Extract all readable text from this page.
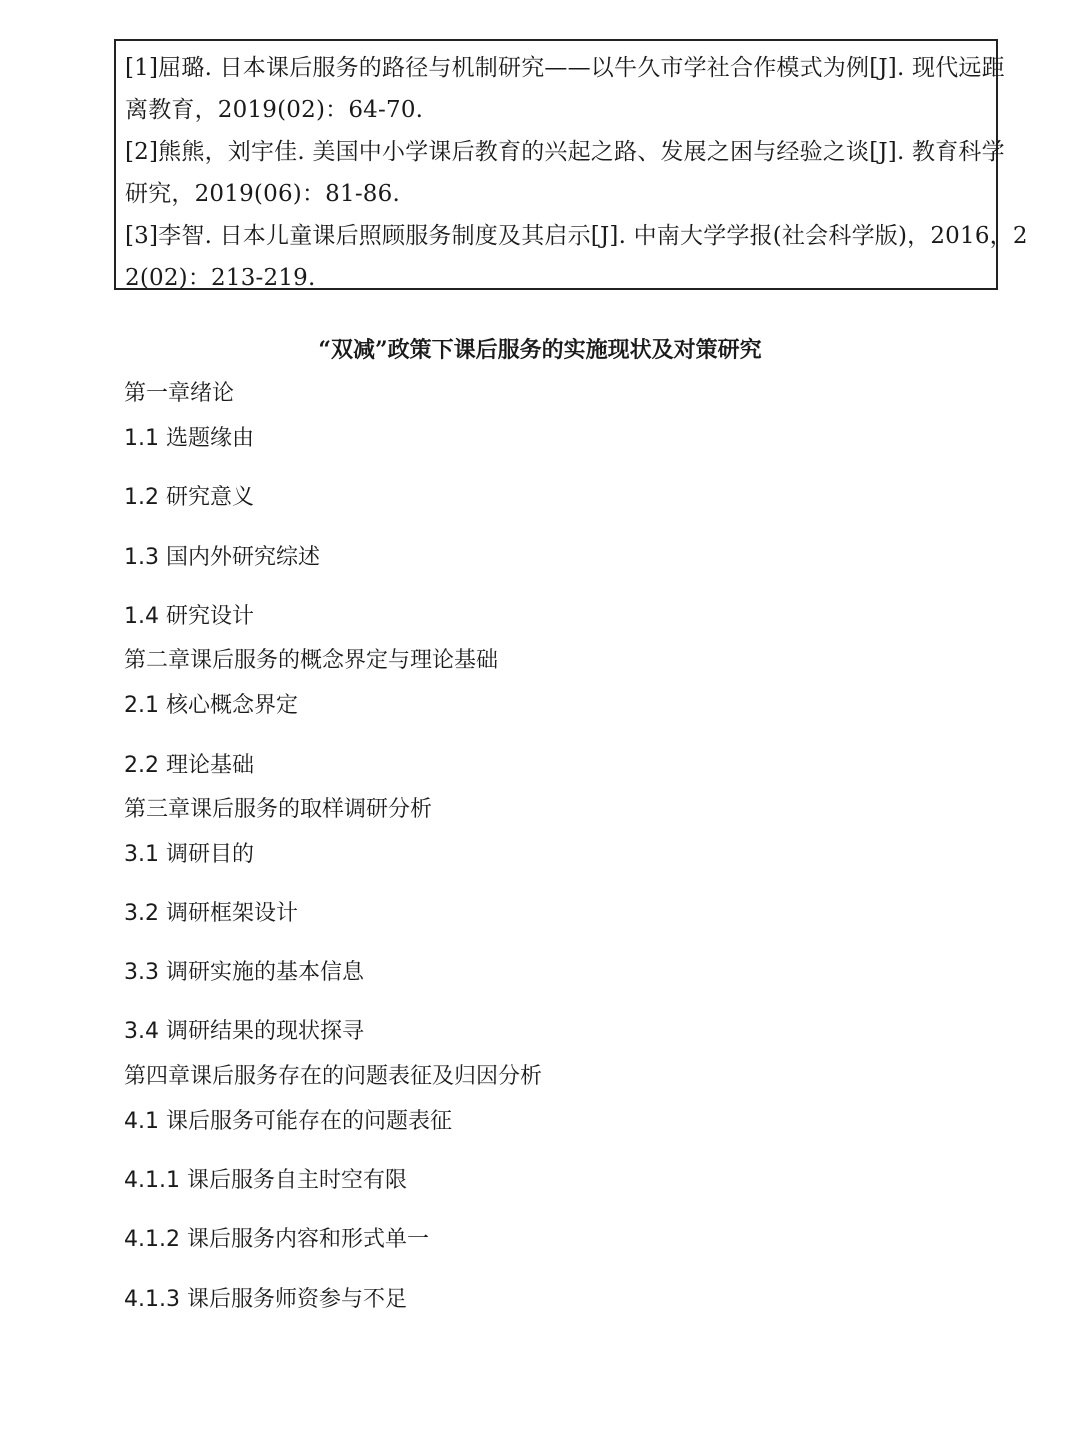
[1]屈璐. 日本课后服务的路径与机制研究——以牛久市学社合作模式为例[J]. 现代远距
离教育，2019(02)：64-70.
[2]熊熊，刘宇佳. 美国中小学课后教育的兴起之路、发展之困与经验之谈[J]. 教育科学
研究，2019(06)：81-86.
[3]李智. 日本儿童课后照顾服务制度及其启示[J]. 中南大学学报(社会科学版)，2016，2
2(02)：213-219.
“双减”政策下课后服务的实施现状及对策研究
第一章绪论
1.1 选题缘由
1.2 研究意义
1.3 国内外研究综述
1.4 研究设计
第二章课后服务的概念界定与理论基础
2.1 核心概念界定
2.2 理论基础
第三章课后服务的取样调研分析
3.1 调研目的
3.2 调研框架设计
3.3 调研实施的基本信息
3.4 调研结果的现状探寻
第四章课后服务存在的问题表征及归因分析
4.1 课后服务可能存在的问题表征
4.1.1 课后服务自主时空有限
4.1.2 课后服务内容和形式单一
4.1.3 课后服务师资参与不足
